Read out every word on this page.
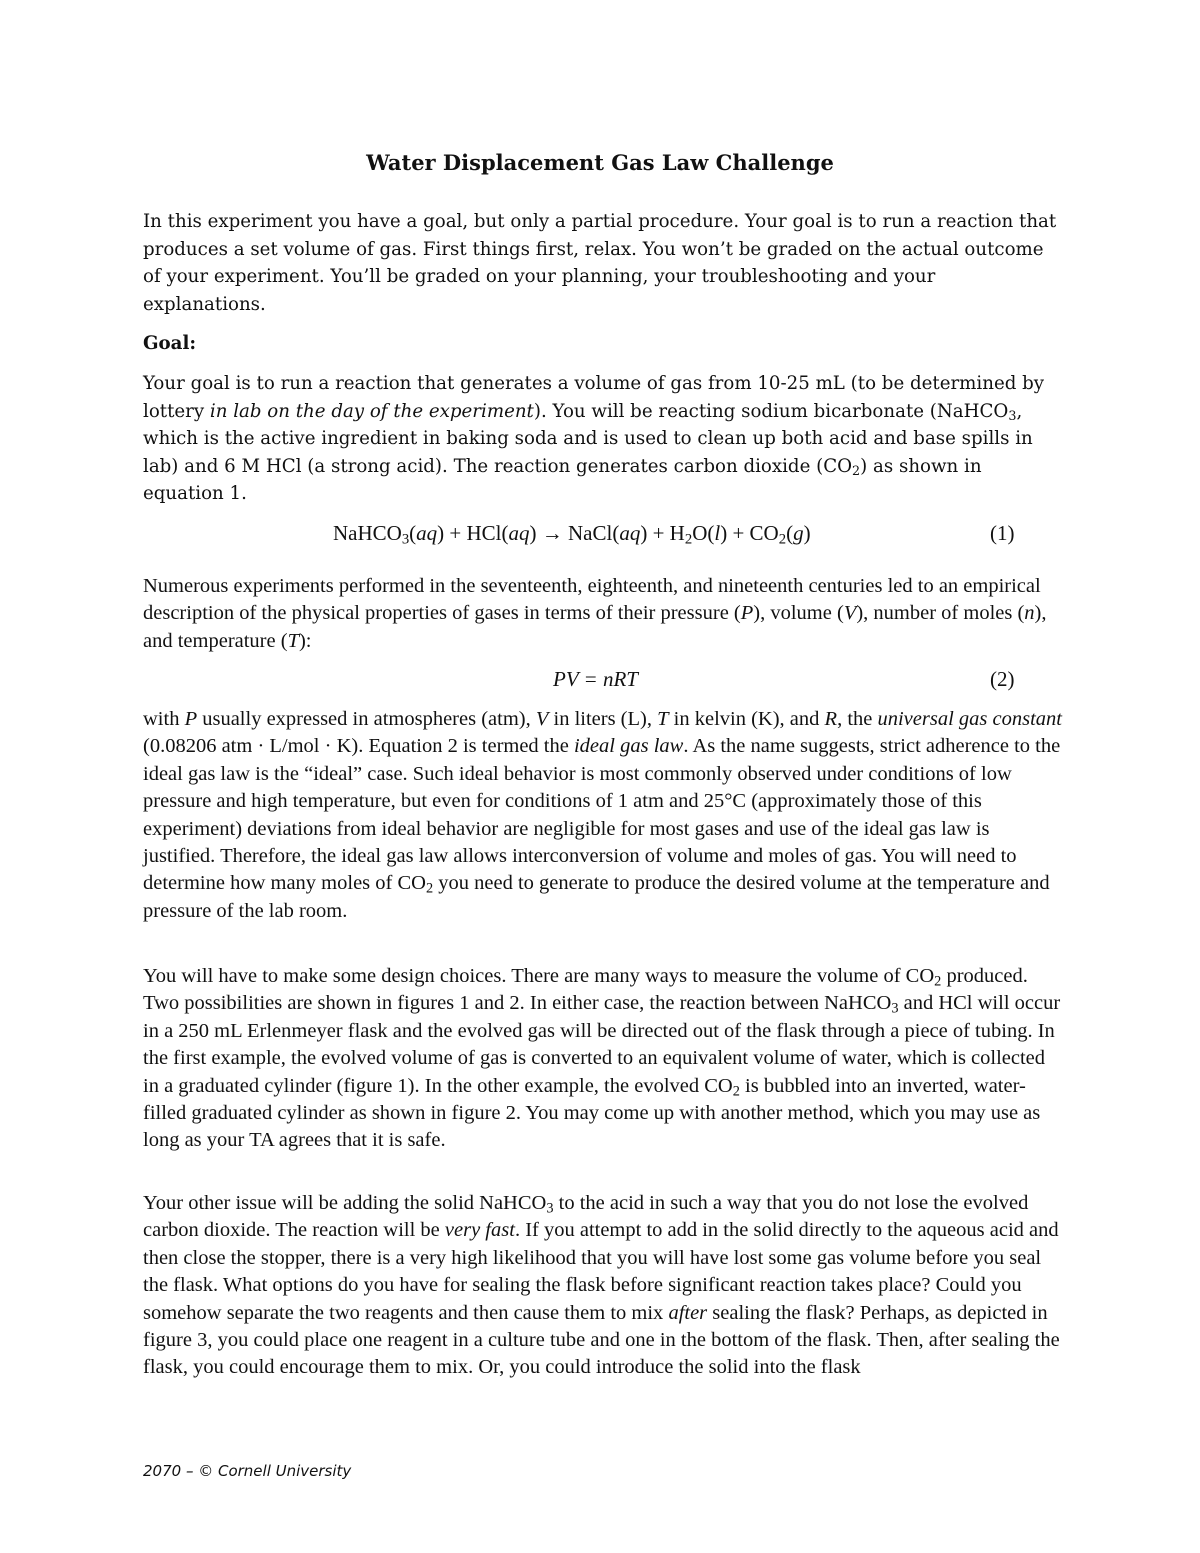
Water Displacement Gas Law Challenge

In this experiment you have a goal, but only a partial procedure. Your goal is to run a reaction that produces a set volume of gas. First things first, relax. You won’t be graded on the actual outcome of your experiment. You’ll be graded on your planning, your troubleshooting and your explanations.

Goal:

Your goal is to run a reaction that generates a volume of gas from 10-25 mL (to be determined by lottery in lab on the day of the experiment). You will be reacting sodium bicarbonate (NaHCO$_3$, which is the active ingredient in baking soda and is used to clean up both acid and base spills in lab) and 6 M HCl (a strong acid). The reaction generates carbon dioxide $(CO_2)$ as shown in equation 1.

NaHCO$_3$(aq) + HCl(aq) → NaCl(aq) + $H_2O(l) + CO_2(g)$	(1)

Numerous experiments performed in the seventeenth, eighteenth, and nineteenth centuries led to an empirical description of the physical properties of gases in terms of their pressure (P), volume (V), number of moles (n), and temperature (T):

PV = nRT	(2)

with P usually expressed in atmospheres (atm), V in liters (L), T in kelvin (K), and R, the universal gas constant (0.08206 atm · L/mol · K). Equation 2 is termed the ideal gas law. As the name suggests, strict adherence to the ideal gas law is the “ideal” case. Such ideal behavior is most commonly observed under conditions of low pressure and high temperature, but even for conditions of 1 atm and 25°C (approximately those of this experiment) deviations from ideal behavior are negligible for most gases and use of the ideal gas law is justified. Therefore, the ideal gas law allows interconversion of volume and moles of gas. You will need to determine how many moles of $CO_2$ you need to generate to produce the desired volume at the temperature and pressure of the lab room.

You will have to make some design choices. There are many ways to measure the volume of $CO_2$ produced. Two possibilities are shown in figures 1 and 2. In either case, the reaction between NaHCO$_3$ and HCl will occur in a 250 mL Erlenmeyer flask and the evolved gas will be directed out of the flask through a piece of tubing. In the first example, the evolved volume of gas is converted to an equivalent volume of water, which is collected in a graduated cylinder (figure 1). In the other example, the evolved $CO_2$ is bubbled into an inverted, water-filled graduated cylinder as shown in figure 2. You may come up with another method, which you may use as long as your TA agrees that it is safe.

Your other issue will be adding the solid NaHCO$_3$ to the acid in such a way that you do not lose the evolved carbon dioxide. The reaction will be very fast. If you attempt to add in the solid directly to the aqueous acid and then close the stopper, there is a very high likelihood that you will have lost some gas volume before you seal the flask. What options do you have for sealing the flask before significant reaction takes place? Could you somehow separate the two reagents and then cause them to mix after sealing the flask? Perhaps, as depicted in figure 3, you could place one reagent in a culture tube and one in the bottom of the flask. Then, after sealing the flask, you could encourage them to mix. Or, you could introduce the solid into the flask

2070 – © Cornell University
